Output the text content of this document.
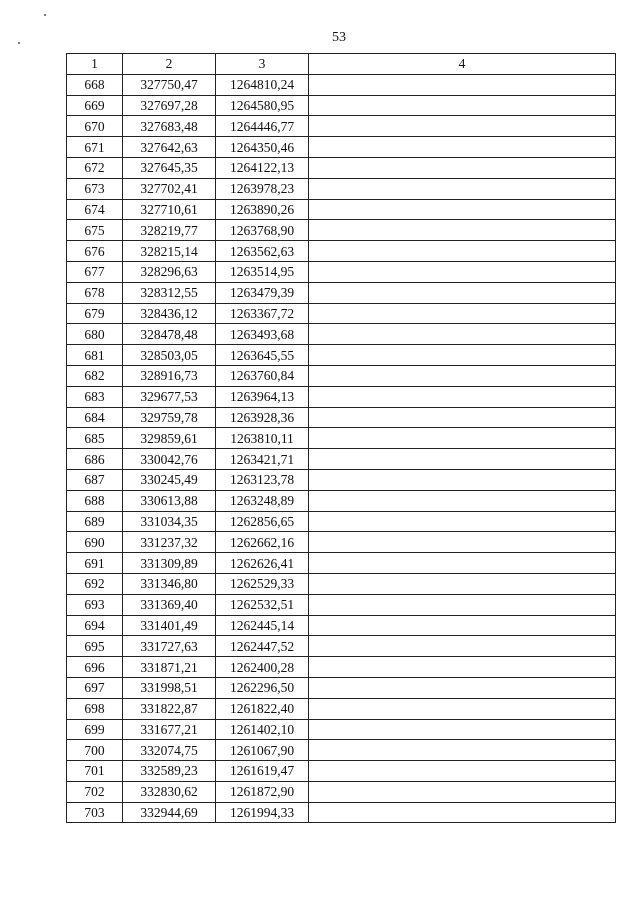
53
1	2	3	4
668	327750,47	1264810,24	
669	327697,28	1264580,95	
670	327683,48	1264446,77	
671	327642,63	1264350,46	
672	327645,35	1264122,13	
673	327702,41	1263978,23	
674	327710,61	1263890,26	
675	328219,77	1263768,90	
676	328215,14	1263562,63	
677	328296,63	1263514,95	
678	328312,55	1263479,39	
679	328436,12	1263367,72	
680	328478,48	1263493,68	
681	328503,05	1263645,55	
682	328916,73	1263760,84	
683	329677,53	1263964,13	
684	329759,78	1263928,36	
685	329859,61	1263810,11	
686	330042,76	1263421,71	
687	330245,49	1263123,78	
688	330613,88	1263248,89	
689	331034,35	1262856,65	
690	331237,32	1262662,16	
691	331309,89	1262626,41	
692	331346,80	1262529,33	
693	331369,40	1262532,51	
694	331401,49	1262445,14	
695	331727,63	1262447,52	
696	331871,21	1262400,28	
697	331998,51	1262296,50	
698	331822,87	1261822,40	
699	331677,21	1261402,10	
700	332074,75	1261067,90	
701	332589,23	1261619,47	
702	332830,62	1261872,90	
703	332944,69	1261994,33	
